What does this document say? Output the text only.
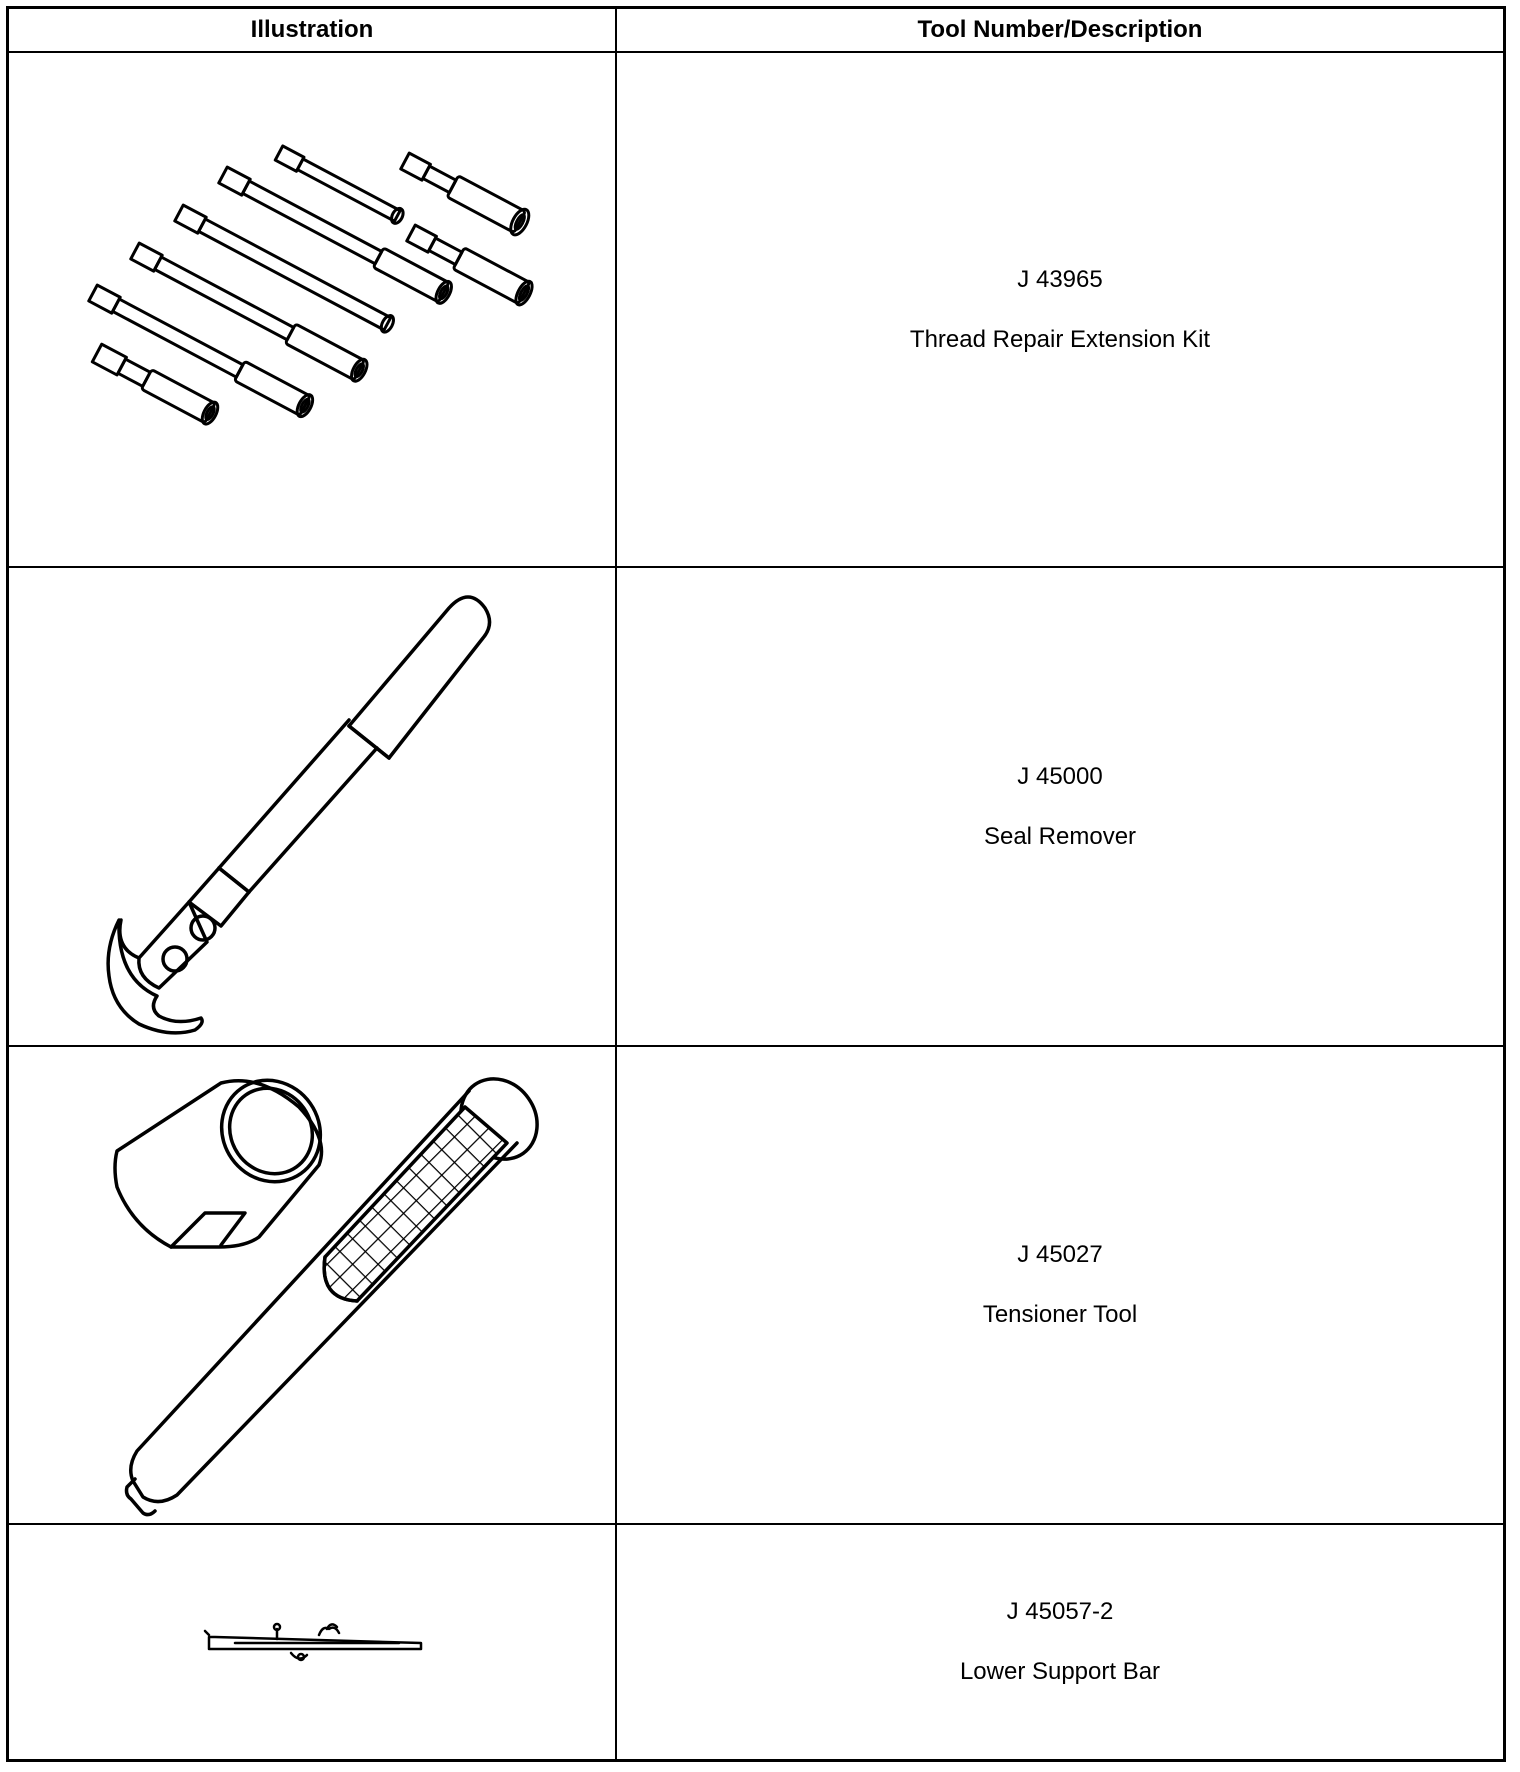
Illustration	Tool Number/Description
J 43965
Thread Repair Extension Kit
J 45000
Seal Remover
J 45027
Tensioner Tool
J 45057-2
Lower Support Bar
